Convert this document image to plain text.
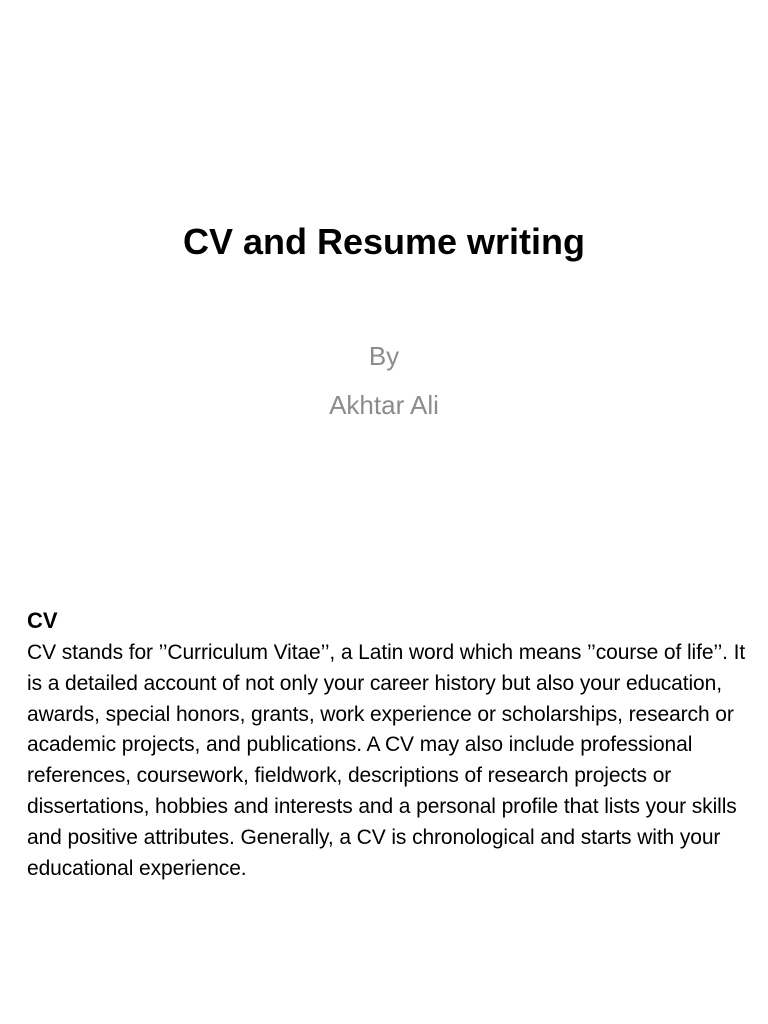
CV and Resume writing
By
Akhtar Ali
CV

CV stands for ’’Curriculum Vitae’’, a Latin word which means ’’course of life’’. It is a detailed account of not only your career history but also your education, awards, special honors, grants, work experience or scholarships, research or academic projects, and publications. A CV may also include professional references, coursework, fieldwork, descriptions of research projects or dissertations, hobbies and interests and a personal profile that lists your skills and positive attributes. Generally, a CV is chronological and starts with your educational experience.
